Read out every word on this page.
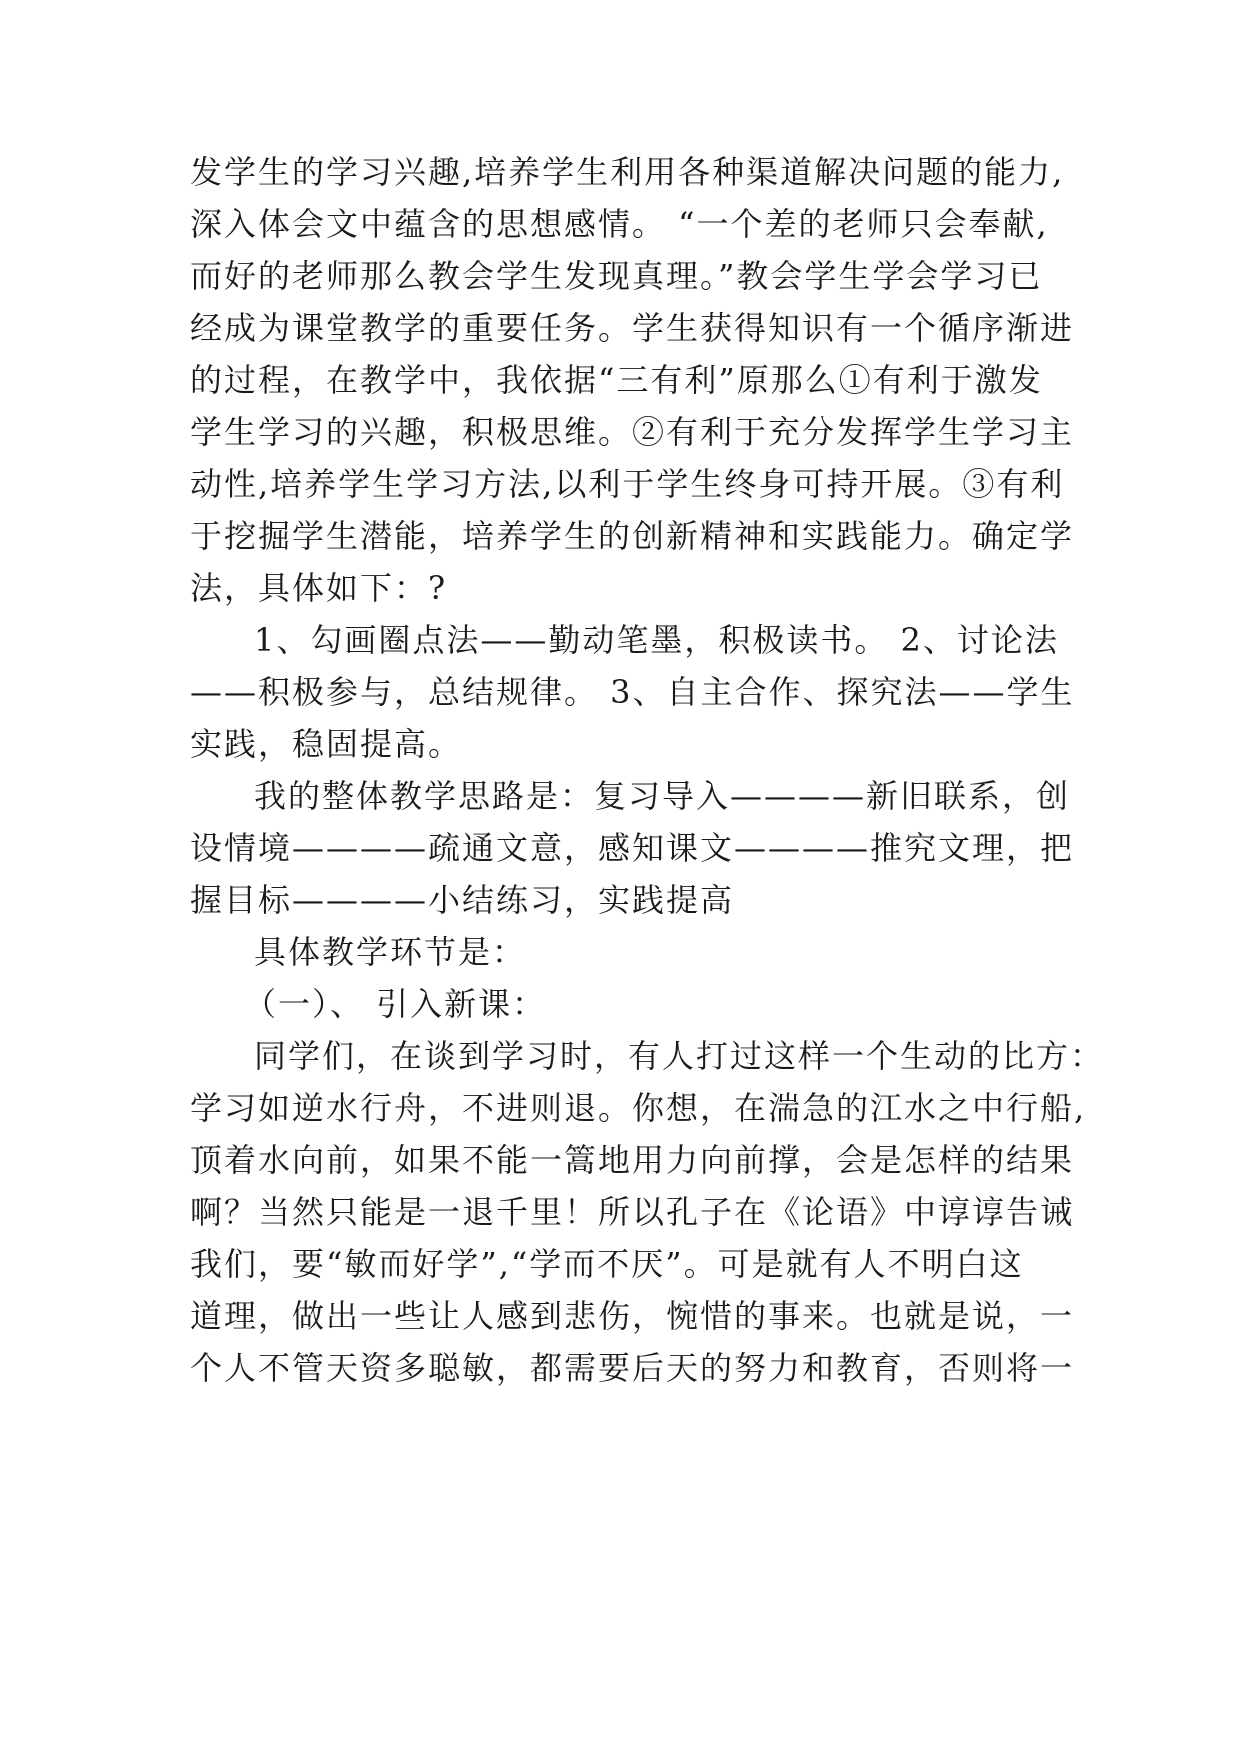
发学生的学习兴趣,培养学生利用各种渠道解决问题的能力,
深入体会文中蕴含的思想感情。 “一个差的老师只会奉献,
而好的老师那么教会学生发现真理。”教会学生学会学习已
经成为课堂教学的重要任务。学生获得知识有一个循序渐进
的过程，在教学中，我依据“三有利”原那么①有利于激发
学生学习的兴趣，积极思维。②有利于充分发挥学生学习主
动性,培养学生学习方法,以利于学生终身可持开展。③有利
于挖掘学生潜能，培养学生的创新精神和实践能力。确定学
法，具体如下：?
1、勾画圈点法——勤动笔墨，积极读书。 2、讨论法
——积极参与，总结规律。 3、自主合作、探究法——学生
实践，稳固提高。
我的整体教学思路是：复习导入————新旧联系，创
设情境————疏通文意，感知课文————推究文理，把
握目标————小结练习，实践提高
具体教学环节是：
（一）、 引入新课：
同学们，在谈到学习时，有人打过这样一个生动的比方：
学习如逆水行舟，不进则退。你想，在湍急的江水之中行船,
顶着水向前，如果不能一篙地用力向前撑，会是怎样的结果
啊？当然只能是一退千里！所以孔子在《论语》中谆谆告诫
我们，要“敏而好学”,“学而不厌”。可是就有人不明白这
道理，做出一些让人感到悲伤，惋惜的事来。也就是说，一
个人不管天资多聪敏，都需要后天的努力和教育，否则将一
